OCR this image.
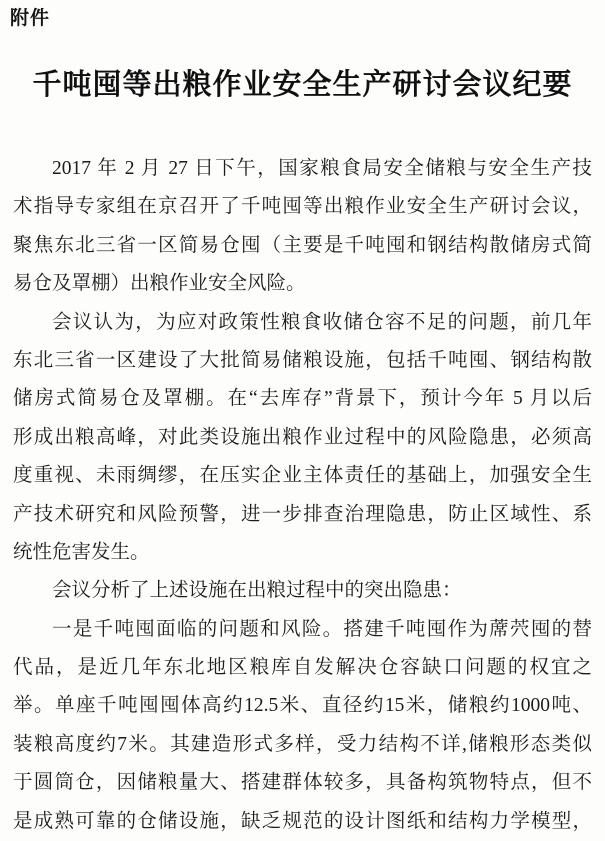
附件
千吨囤等出粮作业安全生产研讨会议纪要
2017 年 2 月 27 日下午，国家粮食局安全储粮与安全生产技
术指导专家组在京召开了千吨囤等出粮作业安全生产研讨会议，
聚焦东北三省一区简易仓囤（主要是千吨囤和钢结构散储房式简
易仓及罩棚）出粮作业安全风险。
会议认为，为应对政策性粮食收储仓容不足的问题，前几年
东北三省一区建设了大批简易储粮设施，包括千吨囤、钢结构散
储房式简易仓及罩棚。在“去库存”背景下，预计今年 5 月以后
形成出粮高峰，对此类设施出粮作业过程中的风险隐患，必须高
度重视、未雨绸缪，在压实企业主体责任的基础上，加强安全生
产技术研究和风险预警，进一步排查治理隐患，防止区域性、系
统性危害发生。
会议分析了上述设施在出粮过程中的突出隐患：
一是千吨囤面临的问题和风险。搭建千吨囤作为蓆茓囤的替
代品，是近几年东北地区粮库自发解决仓容缺口问题的权宜之
举。单座千吨囤囤体高约12.5米、直径约15米，储粮约1000吨、
装粮高度约7米。其建造形式多样，受力结构不详,储粮形态类似
于圆筒仓，因储粮量大、搭建群体较多，具备构筑物特点，但不
是成熟可靠的仓储设施，缺乏规范的设计图纸和结构力学模型，
